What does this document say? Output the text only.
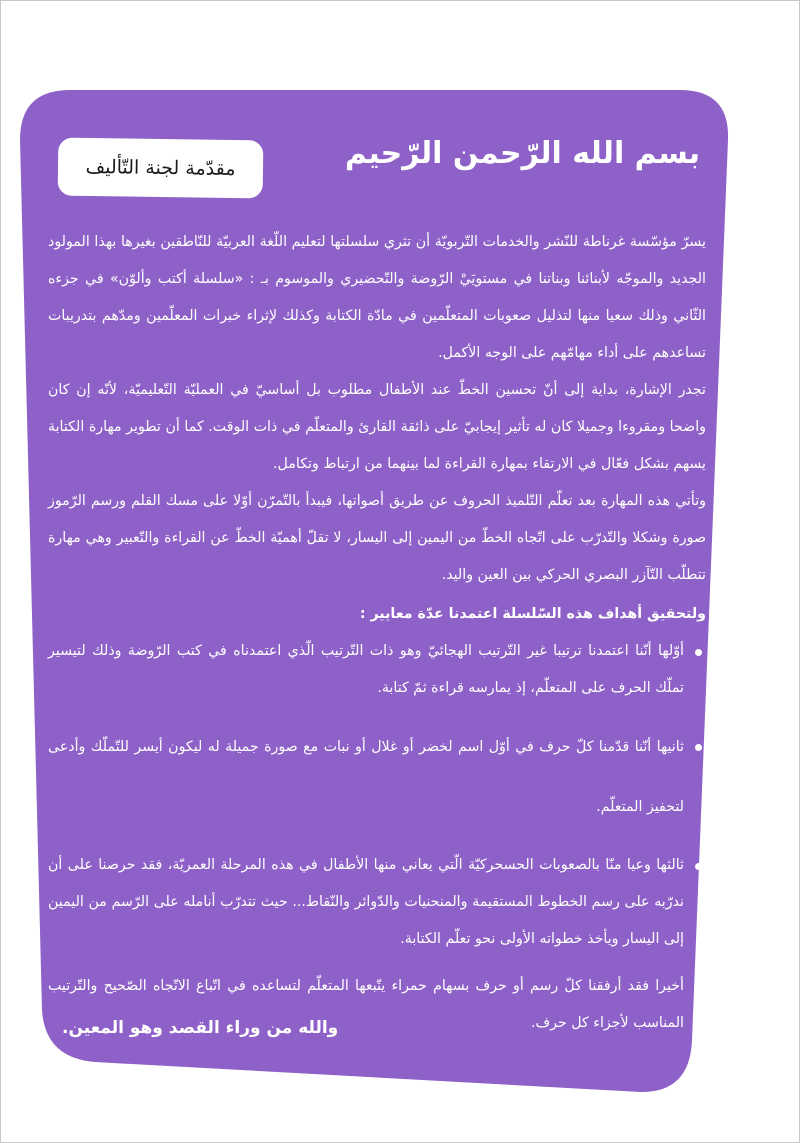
بسم الله الرّحمن الرّحيم
مقدّمة لجنة التّأليف

يسرّ مؤسّسة غرناطة للنّشر والخدمات التّربويّة أن تثري سلسلتها لتعليم اللّغة العربيّة للنّاطقين بغيرها بهذا المولود الجديد والموجّه لأبنائنا وبناتنا في مستويَيْ الرّوضة والتّحضيري والموسوم بـ : «سلسلة أكتب وألوّن» في جزءه الثّاني وذلك سعيا منها لتذليل صعوبات المتعلّمين في مادّة الكتابة وكذلك لإثراء خبرات المعلّمين ومدّهم بتدريبات تساعدهم على أداء مهامّهم على الوجه الأكمل.

تجدر الإشارة، بداية إلى أنّ تحسين الخطّ عند الأطفال مطلوب بل أساسيّ في العمليّة التّعليميّة، لأنّه إن كان واضحا ومقروءا وجميلا كان له تأثير إيجابيّ على ذائقة القارئ والمتعلّم في ذات الوقت. كما أن تطوير مهارة الكتابة يسهم بشكل فعّال في الارتقاء بمهارة القراءة لما بينهما من ارتباط وتكامل.

وتأتي هذه المهارة بعد تعلّم التّلميذ الحروف عن طريق أصواتها، فيبدأ بالتّمرّن أوّلا على مسك القلم ورسم الرّموز صورة وشكلا والتّدرّب على اتّجاه الخطّ من اليمين إلى اليسار، لا تقلّ أهميّة الخطّ عن القراءة والتّعبير وهي مهارة تتطلّب التّآزر البصري الحركي بين العين واليد.

ولتحقيق أهداف هذه السّلسلة اعتمدنا عدّة معايير :

أوّلها أنّنا اعتمدنا ترتيبا غير التّرتيب الهجائيّ وهو ذات التّرتيب الّذي اعتمدناه في كتب الرّوضة وذلك لتيسير تملّك الحرف على المتعلّم، إذ يمارسه قراءة ثمّ كتابة.
ثانيها أنّنا قدّمنا كلّ حرف في أوّل اسم لخضر أو غلال أو نبات مع صورة جميلة له ليكون أيسر للتّملّك وأدعى لتحفيز المتعلّم.
ثالثها وعيا منّا بالصعوبات الحسحركيّة الّتي يعاني منها الأطفال في هذه المرحلة العمريّة، فقد حرصنا على أن ندرّبه على رسم الخطوط المستقيمة والمنحنيات والدّوائر والنّقاط... حيث تتدرّب أنامله على الرّسم من اليمين إلى اليسار ويأخذ خطواته الأولى نحو تعلّم الكتابة.
أخيرا فقد أرفقنا كلّ رسم أو حرف بسهام حمراء يتّبعها المتعلّم لتساعده في اتّباع الاتّجاه الصّحيح والتّرتيب المناسب لأجزاء كل حرف.
والله من وراء القصد وهو المعين.
